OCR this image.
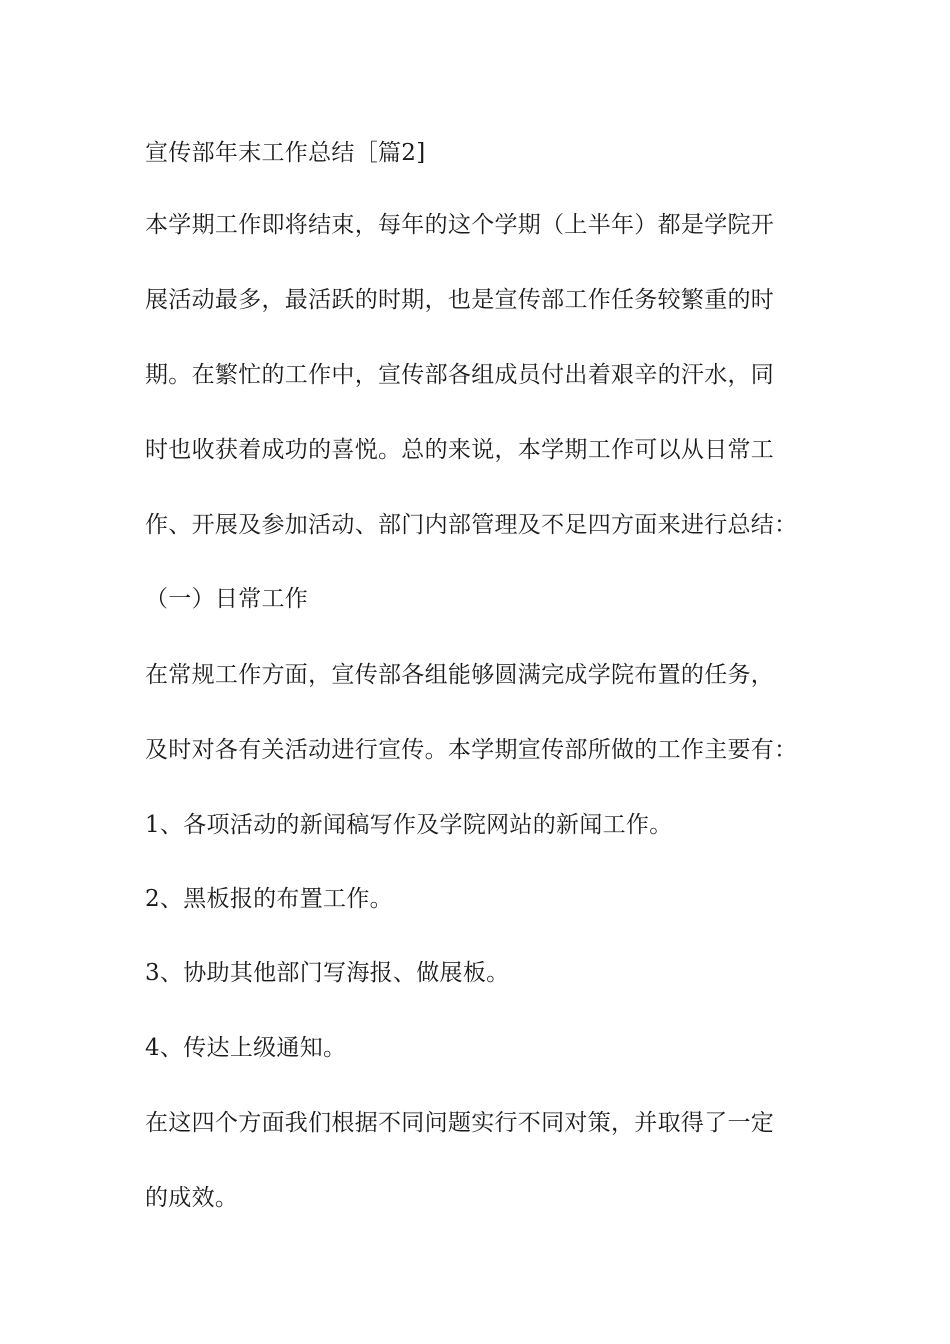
宣传部年末工作总结［篇2]
本学期工作即将结束，每年的这个学期（上半年）都是学院开
展活动最多，最活跃的时期，也是宣传部工作任务较繁重的时
期。在繁忙的工作中，宣传部各组成员付出着艰辛的汗水，同
时也收获着成功的喜悦。总的来说，本学期工作可以从日常工
作、开展及参加活动、部门内部管理及不足四方面来进行总结：
（一）日常工作
在常规工作方面，宣传部各组能够圆满完成学院布置的任务，
及时对各有关活动进行宣传。本学期宣传部所做的工作主要有：
1、各项活动的新闻稿写作及学院网站的新闻工作。
2、黑板报的布置工作。
3、协助其他部门写海报、做展板。
4、传达上级通知。
在这四个方面我们根据不同问题实行不同对策，并取得了一定
的成效。
